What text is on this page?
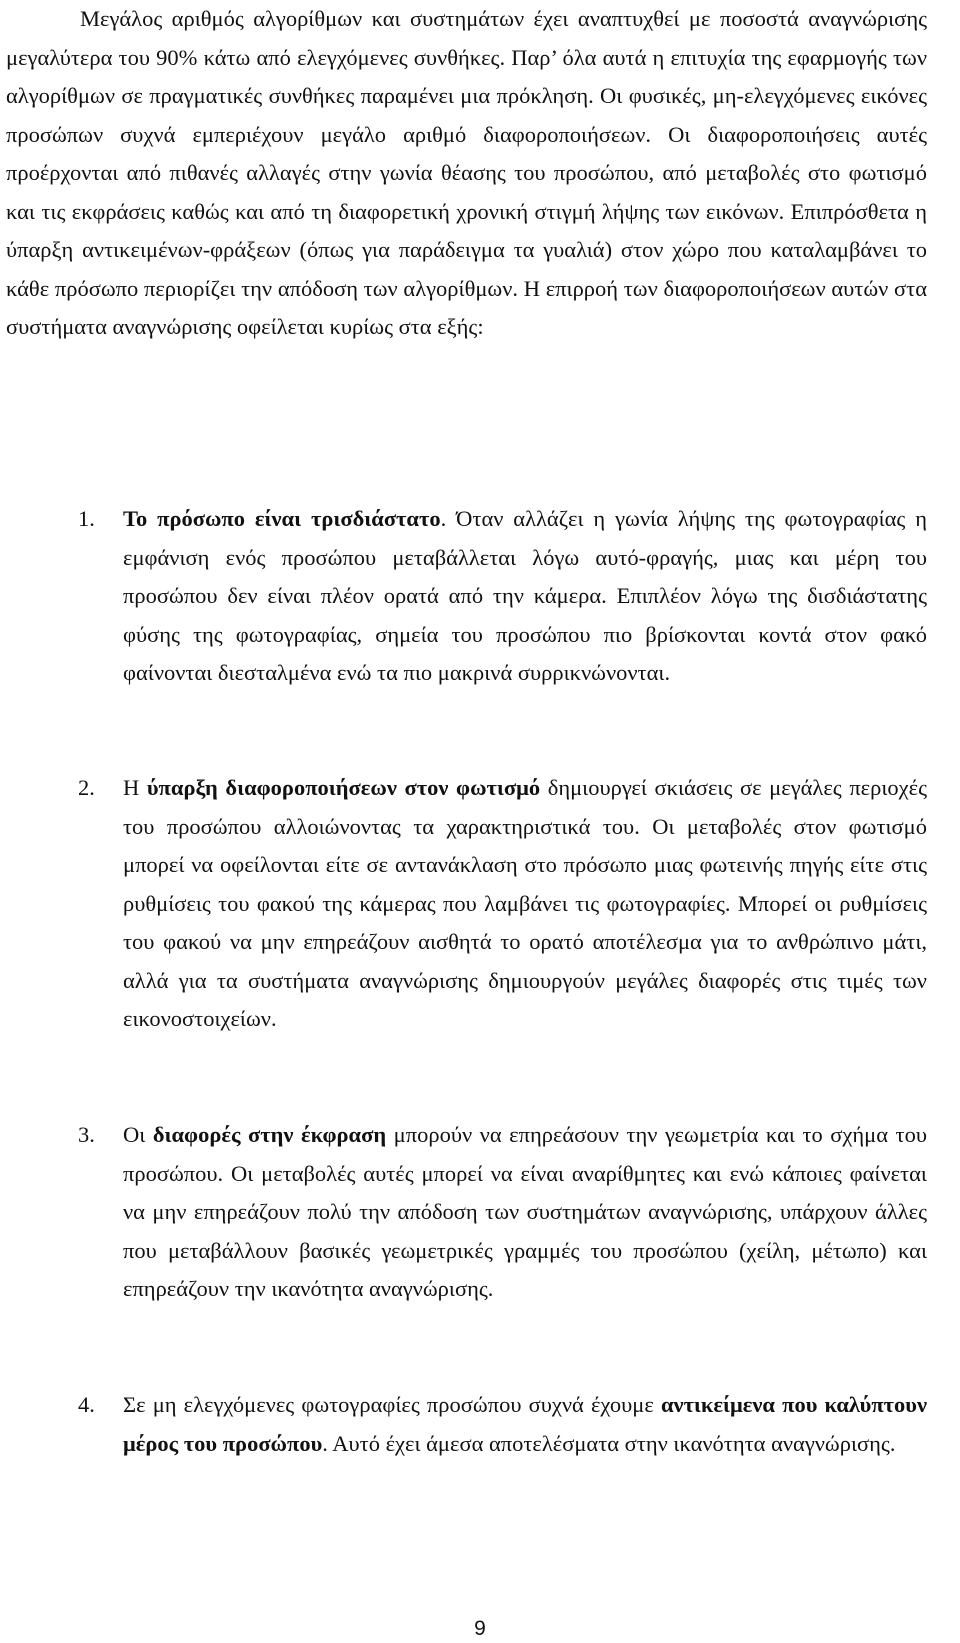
Μεγάλος αριθμός αλγορίθμων και συστημάτων έχει αναπτυχθεί με ποσοστά αναγνώρισης μεγαλύτερα του 90% κάτω από ελεγχόμενες συνθήκες. Παρ’ όλα αυτά η επιτυχία της εφαρμογής των αλγορίθμων σε πραγματικές συνθήκες παραμένει μια πρόκληση. Οι φυσικές, μη-ελεγχόμενες εικόνες προσώπων συχνά εμπεριέχουν μεγάλο αριθμό διαφοροποιήσεων. Οι διαφοροποιήσεις αυτές προέρχονται από πιθανές αλλαγές στην γωνία θέασης του προσώπου, από μεταβολές στο φωτισμό και τις εκφράσεις καθώς και από τη διαφορετική χρονική στιγμή λήψης των εικόνων. Επιπρόσθετα η ύπαρξη αντικειμένων-φράξεων (όπως για παράδειγμα τα γυαλιά) στον χώρο που καταλαμβάνει το κάθε πρόσωπο περιορίζει την απόδοση των αλγορίθμων. Η επιρροή των διαφοροποιήσεων αυτών στα συστήματα αναγνώρισης οφείλεται κυρίως στα εξής:

1. Το πρόσωπο είναι τρισδιάστατο. Όταν αλλάζει η γωνία λήψης της φωτογραφίας η εμφάνιση ενός προσώπου μεταβάλλεται λόγω αυτό-φραγής, μιας και μέρη του προσώπου δεν είναι πλέον ορατά από την κάμερα. Επιπλέον λόγω της δισδιάστατης φύσης της φωτογραφίας, σημεία του προσώπου πιο βρίσκονται κοντά στον φακό φαίνονται διεσταλμένα ενώ τα πιο μακρινά συρρικνώνονται.

2. Η ύπαρξη διαφοροποιήσεων στον φωτισμό δημιουργεί σκιάσεις σε μεγάλες περιοχές του προσώπου αλλοιώνοντας τα χαρακτηριστικά του. Οι μεταβολές στον φωτισμό μπορεί να οφείλονται είτε σε αντανάκλαση στο πρόσωπο μιας φωτεινής πηγής είτε στις ρυθμίσεις του φακού της κάμερας που λαμβάνει τις φωτογραφίες. Μπορεί οι ρυθμίσεις του φακού να μην επηρεάζουν αισθητά το ορατό αποτέλεσμα για το ανθρώπινο μάτι, αλλά για τα συστήματα αναγνώρισης δημιουργούν μεγάλες διαφορές στις τιμές των εικονοστοιχείων.

3. Οι διαφορές στην έκφραση μπορούν να επηρεάσουν την γεωμετρία και το σχήμα του προσώπου. Οι μεταβολές αυτές μπορεί να είναι αναρίθμητες και ενώ κάποιες φαίνεται να μην επηρεάζουν πολύ την απόδοση των συστημάτων αναγνώρισης, υπάρχουν άλλες που μεταβάλλουν βασικές γεωμετρικές γραμμές του προσώπου (χείλη, μέτωπο) και επηρεάζουν την ικανότητα αναγνώρισης.

4. Σε μη ελεγχόμενες φωτογραφίες προσώπου συχνά έχουμε αντικείμενα που καλύπτουν μέρος του προσώπου. Αυτό έχει άμεσα αποτελέσματα στην ικανότητα αναγνώρισης.

9
